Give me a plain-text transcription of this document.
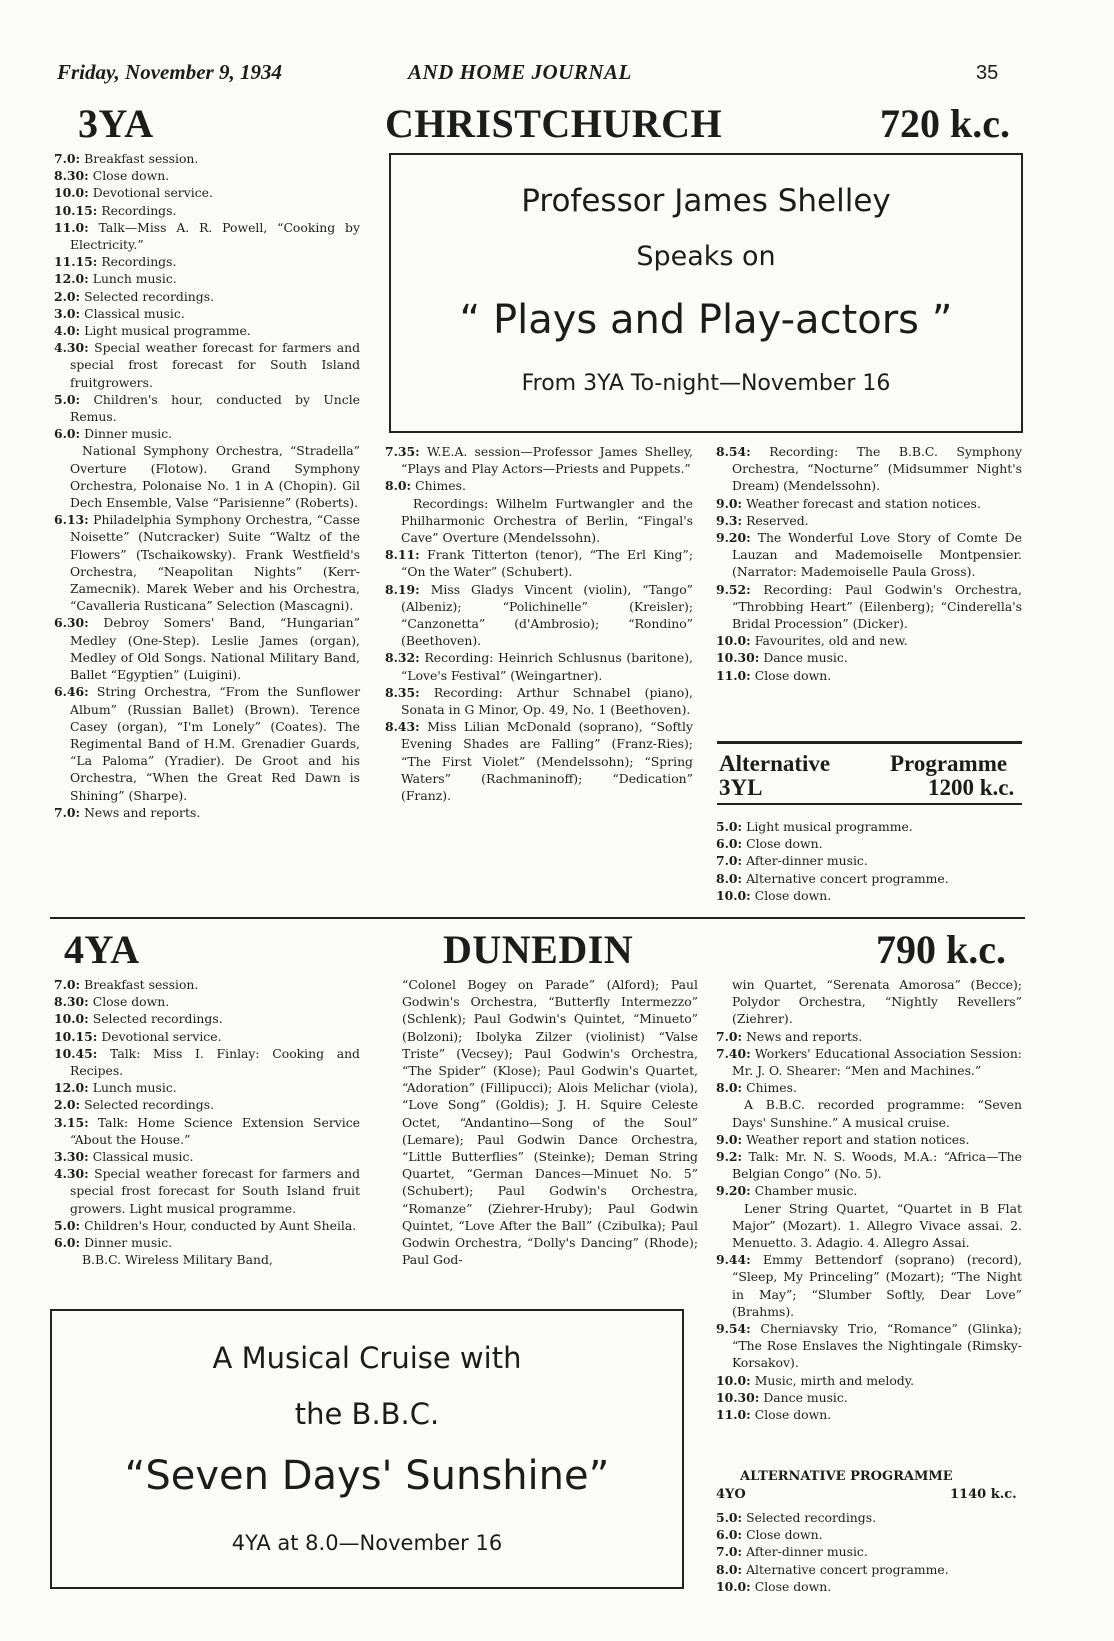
Friday, November 9, 1934	AND HOME JOURNAL	35
3YA	CHRISTCHURCH	720 k.c.
Professor James Shelley
Speaks on
“ Plays and Play-actors ”
From 3YA To-night—November 16

7.0: Breakfast session.

8.30: Close down.

10.0: Devotional service.

10.15: Recordings.

11.0: Talk—Miss A. R. Powell, “Cooking by Electricity.”

11.15: Recordings.

12.0: Lunch music.

2.0: Selected recordings.

3.0: Classical music.

4.0: Light musical programme.

4.30: Special weather forecast for farmers and special frost forecast for South Island fruitgrowers.

5.0: Children's hour, conducted by Uncle Remus.

6.0: Dinner music.

National Symphony Orchestra, “Stradella” Overture (Flotow). Grand Symphony Orchestra, Polonaise No. 1 in A (Chopin). Gil Dech Ensemble, Valse “Parisienne” (Roberts).

6.13: Philadelphia Symphony Orchestra, “Casse Noisette” (Nutcracker) Suite “Waltz of the Flowers” (Tschaikowsky). Frank Westfield's Orchestra, “Neapolitan Nights” (Kerr-Zamecnik). Marek Weber and his Orchestra, “Cavalleria Rusticana” Selection (Mascagni).

6.30: Debroy Somers' Band, “Hungarian” Medley (One-Step). Leslie James (organ), Medley of Old Songs. National Military Band, Ballet “Egyptien” (Luigini).

6.46: String Orchestra, “From the Sunflower Album” (Russian Ballet) (Brown). Terence Casey (organ), “I'm Lonely” (Coates). The Regimental Band of H.M. Grenadier Guards, “La Paloma” (Yradier). De Groot and his Orchestra, “When the Great Red Dawn is Shining” (Sharpe).

7.0: News and reports.

7.35: W.E.A. session—Professor James Shelley, “Plays and Play Actors—Priests and Puppets.”

8.0: Chimes.

Recordings: Wilhelm Furtwangler and the Philharmonic Orchestra of Berlin, “Fingal's Cave” Overture (Mendelssohn).

8.11: Frank Titterton (tenor), “The Erl King”; “On the Water” (Schubert).

8.19: Miss Gladys Vincent (violin), “Tango” (Albeniz); “Polichinelle” (Kreisler); “Canzonetta” (d'Ambrosio); “Rondino” (Beethoven).

8.32: Recording: Heinrich Schlusnus (baritone), “Love's Festival” (Weingartner).

8.35: Recording: Arthur Schnabel (piano), Sonata in G Minor, Op. 49, No. 1 (Beethoven).

8.43: Miss Lilian McDonald (soprano), “Softly Evening Shades are Falling” (Franz-Ries); “The First Violet” (Mendelssohn); “Spring Waters” (Rachmaninoff); “Dedication” (Franz).

8.54: Recording: The B.B.C. Symphony Orchestra, “Nocturne” (Midsummer Night's Dream) (Mendelssohn).

9.0: Weather forecast and station notices.

9.3: Reserved.

9.20: The Wonderful Love Story of Comte De Lauzan and Mademoiselle Montpensier. (Narrator: Mademoiselle Paula Gross).

9.52: Recording: Paul Godwin's Orchestra, “Throbbing Heart” (Eilenberg); “Cinderella's Bridal Procession” (Dicker).

10.0: Favourites, old and new.

10.30: Dance music.

11.0: Close down.

Alternative	Programme
3YL	1200 k.c.

5.0: Light musical programme.

6.0: Close down.

7.0: After-dinner music.

8.0: Alternative concert programme.

10.0: Close down.

4YA	DUNEDIN	790 k.c.

7.0: Breakfast session.

8.30: Close down.

10.0: Selected recordings.

10.15: Devotional service.

10.45: Talk: Miss I. Finlay: Cooking and Recipes.

12.0: Lunch music.

2.0: Selected recordings.

3.15: Talk: Home Science Extension Service “About the House.”

3.30: Classical music.

4.30: Special weather forecast for farmers and special frost forecast for South Island fruit growers. Light musical programme.

5.0: Children's Hour, conducted by Aunt Sheila.

6.0: Dinner music.

B.B.C. Wireless Military Band,

“Colonel Bogey on Parade” (Alford); Paul Godwin's Orchestra, “Butterfly Intermezzo” (Schlenk); Paul Godwin's Quintet, “Minueto” (Bolzoni); Ibolyka Zilzer (violinist) “Valse Triste” (Vecsey); Paul Godwin's Orchestra, “The Spider” (Klose); Paul Godwin's Quartet, “Adoration” (Fillipucci); Alois Melichar (viola), “Love Song” (Goldis); J. H. Squire Celeste Octet, “Andantino—Song of the Soul” (Lemare); Paul Godwin Dance Orchestra, “Little Butterflies” (Steinke); Deman String Quartet, “German Dances—Minuet No. 5” (Schubert); Paul Godwin's Orchestra, “Romanze” (Ziehrer-Hruby); Paul Godwin Quintet, “Love After the Ball” (Czibulka); Paul Godwin Orchestra, “Dolly's Dancing” (Rhode); Paul God-

win Quartet, “Serenata Amorosa” (Becce); Polydor Orchestra, “Nightly Revellers” (Ziehrer).

7.0: News and reports.

7.40: Workers' Educational Association Session: Mr. J. O. Shearer: “Men and Machines.”

8.0: Chimes.

A B.B.C. recorded programme: “Seven Days' Sunshine.” A musical cruise.

9.0: Weather report and station notices.

9.2: Talk: Mr. N. S. Woods, M.A.: “Africa—The Belgian Congo” (No. 5).

9.20: Chamber music.

Lener String Quartet, “Quartet in B Flat Major” (Mozart). 1. Allegro Vivace assai. 2. Menuetto. 3. Adagio. 4. Allegro Assai.

9.44: Emmy Bettendorf (soprano) (record), “Sleep, My Princeling” (Mozart); “The Night in May”; “Slumber Softly, Dear Love” (Brahms).

9.54: Cherniavsky Trio, “Romance” (Glinka); “The Rose Enslaves the Nightingale (Rimsky-Korsakov).

10.0: Music, mirth and melody.

10.30: Dance music.

11.0: Close down.

ALTERNATIVE PROGRAMME
4YO	1140 k.c.

5.0: Selected recordings.

6.0: Close down.

7.0: After-dinner music.

8.0: Alternative concert programme.

10.0: Close down.

A Musical Cruise with
the B.B.C.
“Seven Days' Sunshine”
4YA at 8.0—November 16
